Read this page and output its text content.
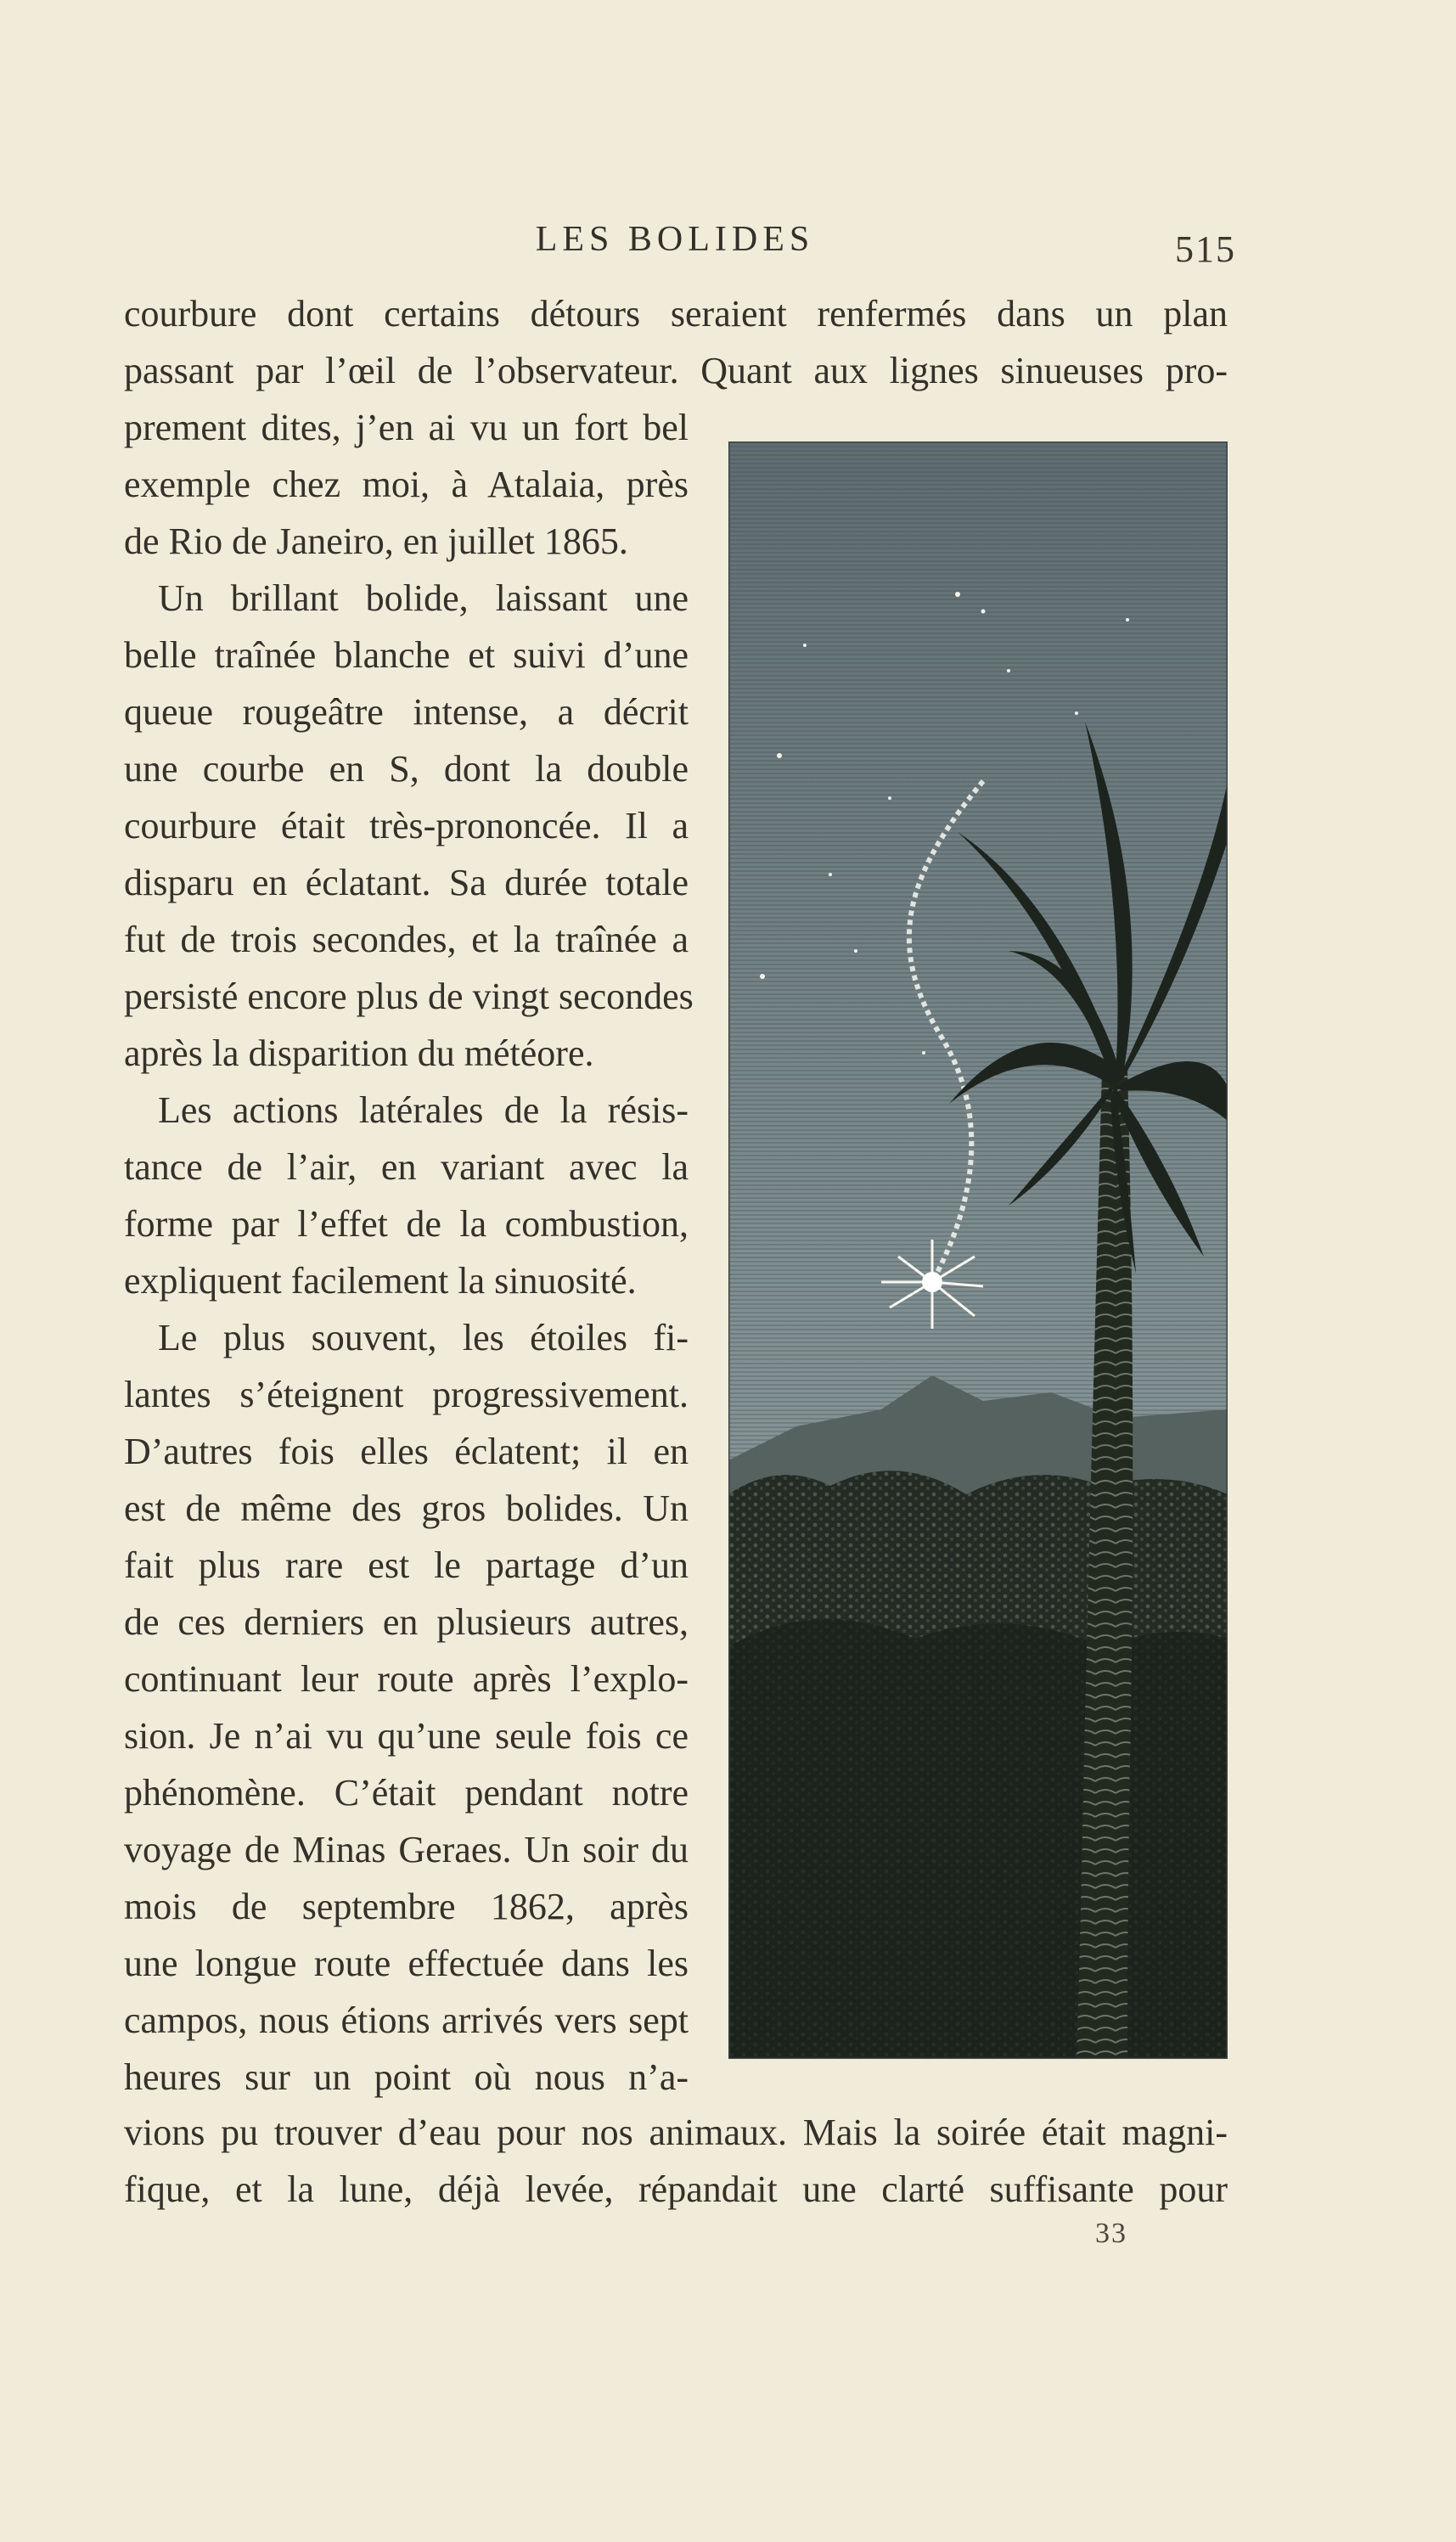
LES BOLIDES	515
courbure dont certains détours seraient renfermés dans un plan
passant par l’œil de l’observateur. Quant aux lignes sinueuses pro-
prement dites, j’en ai vu un fort bel
exemple chez moi, à Atalaia, près
de Rio de Janeiro, en juillet 1865.
Un brillant bolide, laissant une
belle traînée blanche et suivi d’une
queue rougeâtre intense, a décrit
une courbe en S, dont la double
courbure était très-prononcée. Il a
disparu en éclatant. Sa durée totale
fut de trois secondes, et la traînée a
persisté encore plus de vingt secondes
après la disparition du météore.
Les actions latérales de la résis-
tance de l’air, en variant avec la
forme par l’effet de la combustion,
expliquent facilement la sinuosité.
Le plus souvent, les étoiles fi-
lantes s’éteignent progressivement.
D’autres fois elles éclatent; il en
est de même des gros bolides. Un
fait plus rare est le partage d’un
de ces derniers en plusieurs autres,
continuant leur route après l’explo-
sion. Je n’ai vu qu’une seule fois ce
phénomène. C’était pendant notre
voyage de Minas Geraes. Un soir du
mois de septembre 1862, après
une longue route effectuée dans les
campos, nous étions arrivés vers sept
heures sur un point où nous n’a-
vions pu trouver d’eau pour nos animaux. Mais la soirée était magni-
fique, et la lune, déjà levée, répandait une clarté suffisante pour
33
